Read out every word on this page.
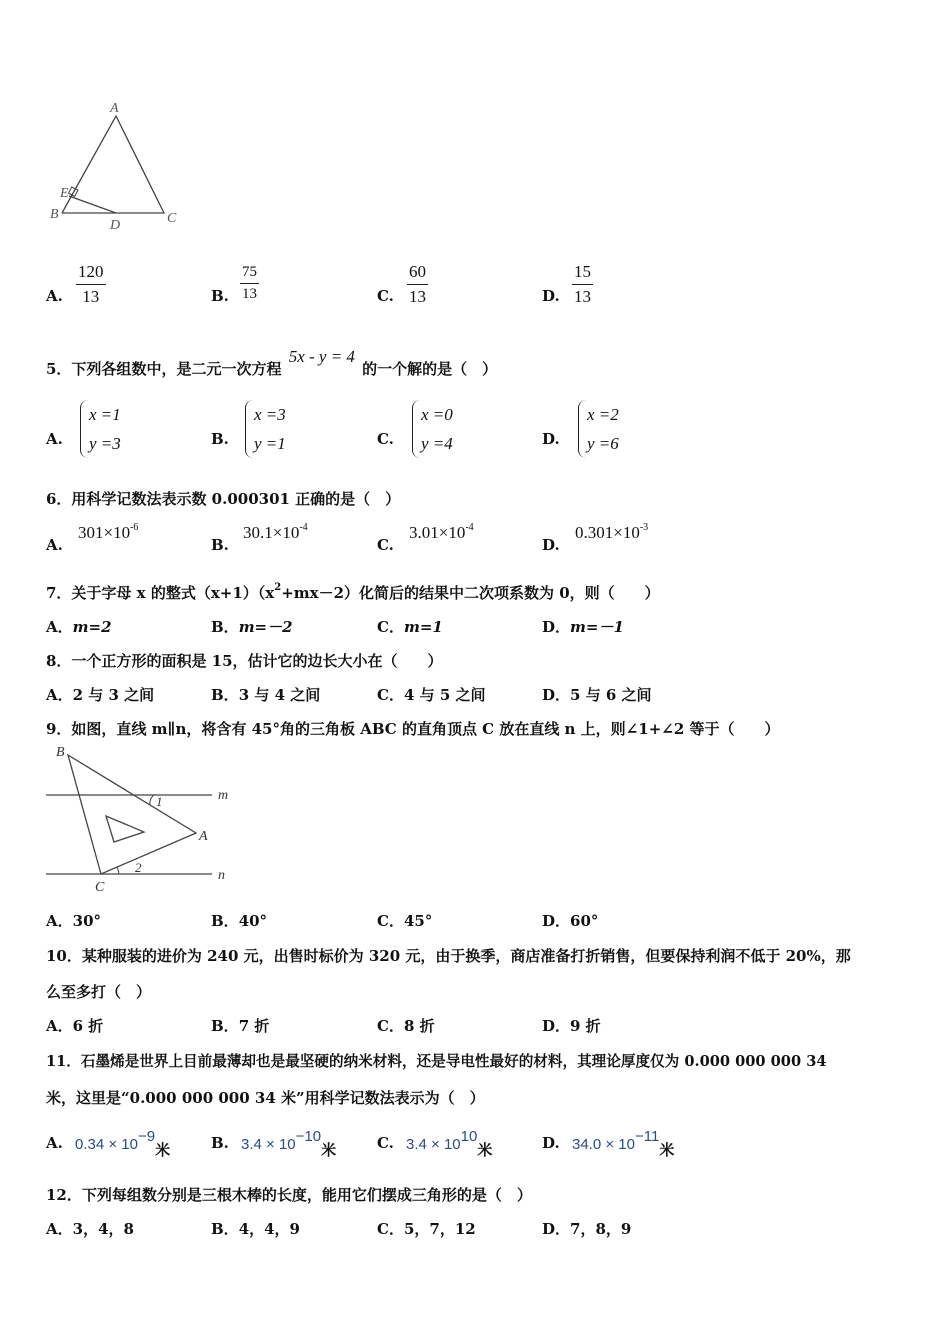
A
E
B
D	C
A. $\frac{120}{13}$	B. $\frac{75}{13}$	C. $\frac{60}{13}$	D. $\frac{15}{13}$
5．下列各组数中，是二元一次方程 5x - y = 4 的一个解的是（　）
A.
x =1
y =3	B.
x =3
y =1	C.
x =0
y =4	D.
x =2
y =6
6．用科学记数法表示数 0.000301 正确的是（　）
A.
$301\times 10^{-6}$
B.
$30.1\times 10^{-4}$
C.
$3.01\times 10^{-4}$
D.
$0.301\times 10^{-3}$
7．关于字母 x 的整式$(x+1)(x^2+mx-2)$化简后的结果中二次项系数为 0，则（　　）
A．m=2	B．m=－2	C．m=1	D．m=－1
8．一个正方形的面积是 15，估计它的边长大小在（　　）
A．2 与 3 之间	B．3 与 4 之间	C．4 与 5 之间	D．5 与 6 之间
9．如图，直线 m∥n，将含有 45°角的三角板 ABC 的直角顶点 C 放在直线 n 上，则∠1+∠2 等于（　　）
B
1	m
A
2
n
C
A．30°	B．40°	C．45°	D．60°
10．某种服装的进价为 240 元，出售时标价为 320 元，由于换季，商店准备打折销售，但要保持利润不低于 20%，那
么至多打（　）
A．6 折	B．7 折	C．8 折	D．9 折
11．石墨烯是世界上目前最薄却也是最坚硬的纳米材料，还是导电性最好的材料，其理论厚度仅为 0.000 000 000 34
米，这里是“0.000 000 000 34 米”用科学记数法表示为（　）
A. 0.34 × 10−9米	B. 3.4 × 10−10米	C. 3.4 × 1010米	D. 34.0 × 10−11米
12．下列每组数分别是三根木棒的长度，能用它们摆成三角形的是（　）
A．3，4，8	B．4，4，9	C．5，7，12	D．7，8，9
